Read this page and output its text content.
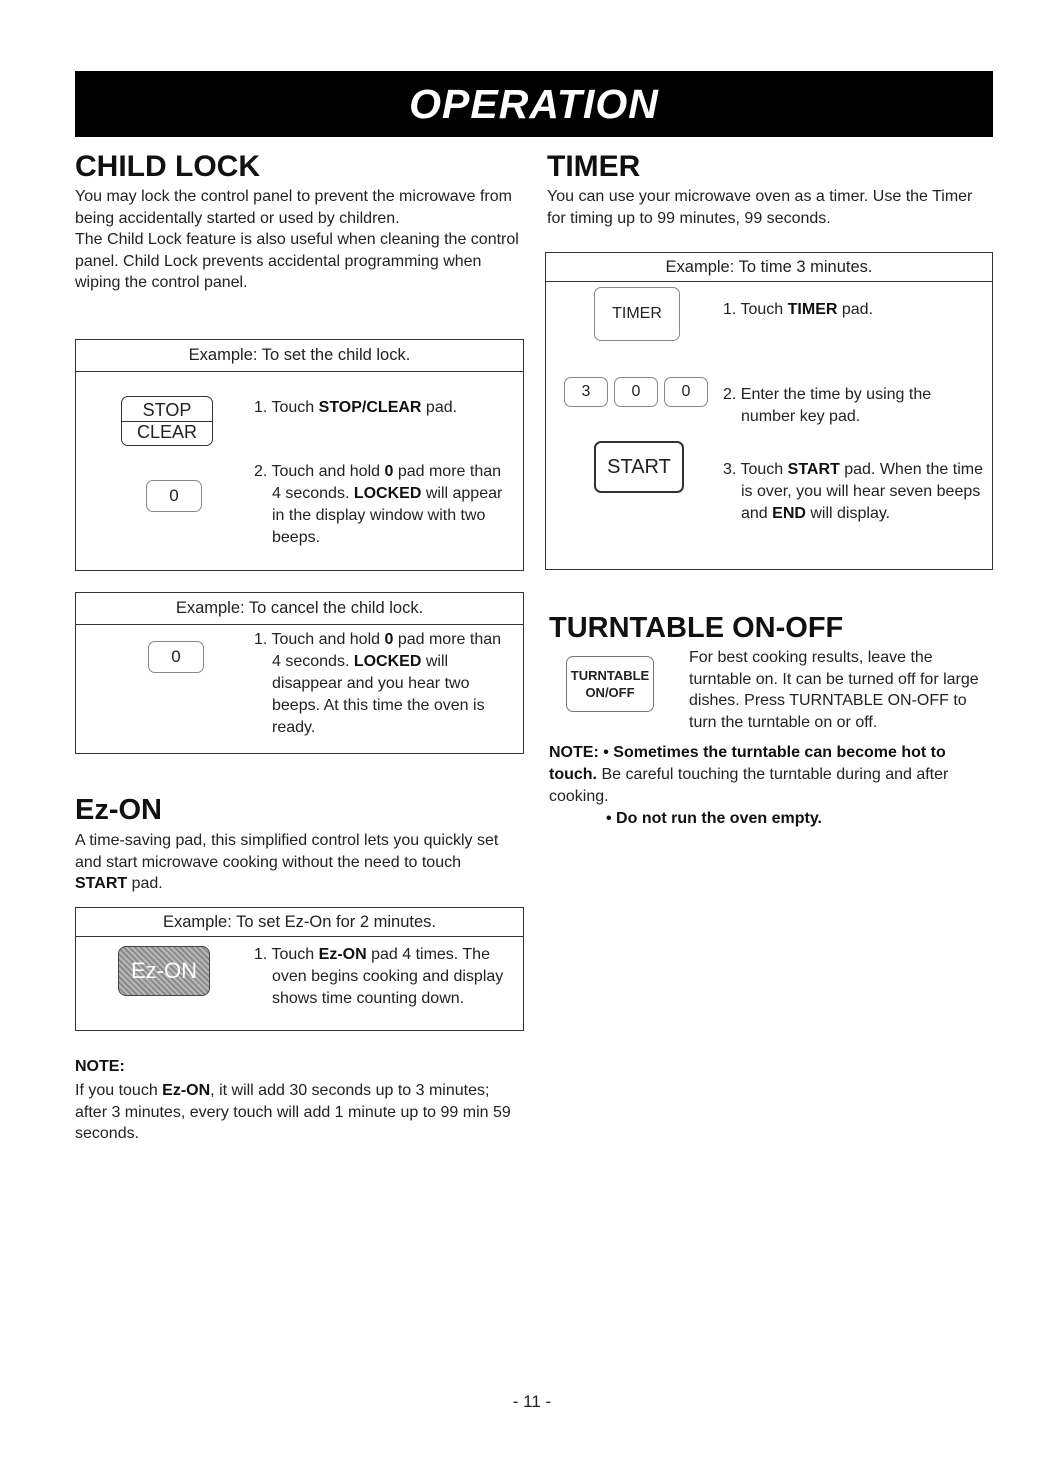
OPERATION
CHILD LOCK
You may lock the control panel to prevent the microwave from being accidentally started or used by children.
The Child Lock feature is also useful when cleaning the control panel. Child Lock prevents accidental programming when wiping the control panel.
Example: To set the child lock.
STOP
CLEAR
1. Touch STOP/CLEAR pad.
0
2. Touch and hold 0 pad more than 4 seconds. LOCKED will appear in the display window with two beeps.
Example: To cancel the child lock.
0
1. Touch and hold 0 pad more than 4 seconds. LOCKED will disappear and you hear two beeps. At this time the oven is ready.
Ez-ON
A time-saving pad, this simplified control lets you quickly set and start microwave cooking without the need to touch START pad.
Example: To set Ez-On for 2 minutes.
Ez-ON
1. Touch Ez-ON pad 4 times. The oven begins cooking and display shows time counting down.
NOTE:
If you touch Ez-ON, it will add 30 seconds up to 3 minutes; after 3 minutes, every touch will add 1 minute up to 99 min 59 seconds.
TIMER
You can use your microwave oven as a timer. Use the Timer for timing up to 99 minutes, 99 seconds.
Example: To time 3 minutes.
TIMER	1. Touch TIMER pad.
3	0	0 2. Enter the time by using the number key pad.
START	3. Touch START pad. When the time is over, you will hear seven beeps and END will display.
TURNTABLE ON-OFF
TURNTABLE
ON/OFF
For best cooking results, leave the turntable on. It can be turned off for large dishes. Press TURNTABLE ON-OFF to turn the turntable on or off.
NOTE: • Sometimes the turntable can become hot to touch. Be careful touching the turntable during and after cooking.
• Do not run the oven empty.
- 11 -
